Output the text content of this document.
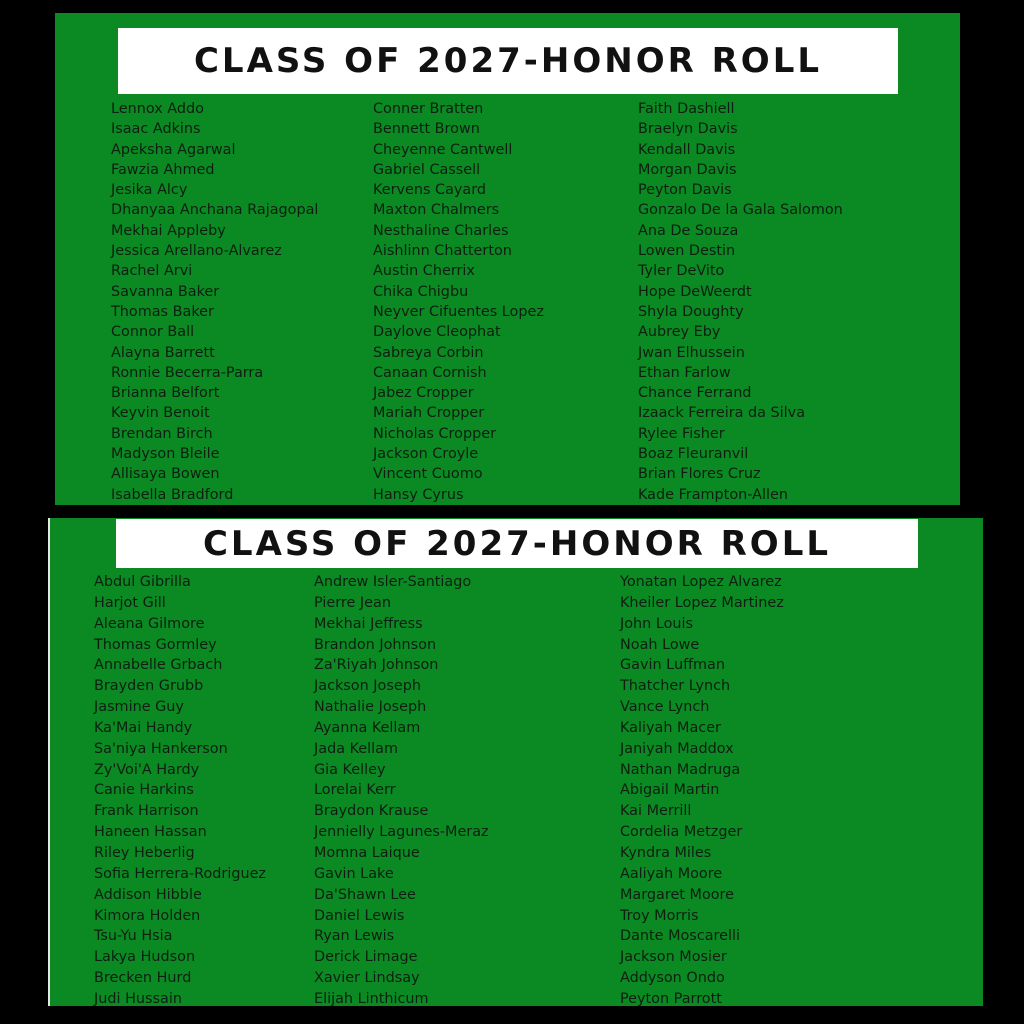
CLASS OF 2027-HONOR ROLL
Lennox Addo
Isaac Adkins
Apeksha Agarwal
Fawzia Ahmed
Jesika Alcy
Dhanyaa Anchana Rajagopal
Mekhai Appleby
Jessica Arellano-Alvarez
Rachel Arvi
Savanna Baker
Thomas Baker
Connor Ball
Alayna Barrett
Ronnie Becerra-Parra
Brianna Belfort
Keyvin Benoit
Brendan Birch
Madyson Bleile
Allisaya Bowen
Isabella Bradford
Conner Bratten
Bennett Brown
Cheyenne Cantwell
Gabriel Cassell
Kervens Cayard
Maxton Chalmers
Nesthaline Charles
Aishlinn Chatterton
Austin Cherrix
Chika Chigbu
Neyver Cifuentes Lopez
Daylove Cleophat
Sabreya Corbin
Canaan Cornish
Jabez Cropper
Mariah Cropper
Nicholas Cropper
Jackson Croyle
Vincent Cuomo
Hansy Cyrus
Faith Dashiell
Braelyn Davis
Kendall Davis
Morgan Davis
Peyton Davis
Gonzalo De la Gala Salomon
Ana De Souza
Lowen Destin
Tyler DeVito
Hope DeWeerdt
Shyla Doughty
Aubrey Eby
Jwan Elhussein
Ethan Farlow
Chance Ferrand
Izaack Ferreira da Silva
Rylee Fisher
Boaz Fleuranvil
Brian Flores Cruz
Kade Frampton-Allen
CLASS OF 2027-HONOR ROLL
Abdul Gibrilla
Harjot Gill
Aleana Gilmore
Thomas Gormley
Annabelle Grbach
Brayden Grubb
Jasmine Guy
Ka'Mai Handy
Sa'niya Hankerson
Zy'Voi'A Hardy
Canie Harkins
Frank Harrison
Haneen Hassan
Riley Heberlig
Sofia Herrera-Rodriguez
Addison Hibble
Kimora Holden
Tsu-Yu Hsia
Lakya Hudson
Brecken Hurd
Judi Hussain
Andrew Isler-Santiago
Pierre Jean
Mekhai Jeffress
Brandon Johnson
Za'Riyah Johnson
Jackson Joseph
Nathalie Joseph
Ayanna Kellam
Jada Kellam
Gia Kelley
Lorelai Kerr
Braydon Krause
Jennielly Lagunes-Meraz
Momna Laique
Gavin Lake
Da'Shawn Lee
Daniel Lewis
Ryan Lewis
Derick Limage
Xavier Lindsay
Elijah Linthicum
Yonatan Lopez Alvarez
Kheiler Lopez Martinez
John Louis
Noah Lowe
Gavin Luffman
Thatcher Lynch
Vance Lynch
Kaliyah Macer
Janiyah Maddox
Nathan Madruga
Abigail Martin
Kai Merrill
Cordelia Metzger
Kyndra Miles
Aaliyah Moore
Margaret Moore
Troy Morris
Dante Moscarelli
Jackson Mosier
Addyson Ondo
Peyton Parrott
